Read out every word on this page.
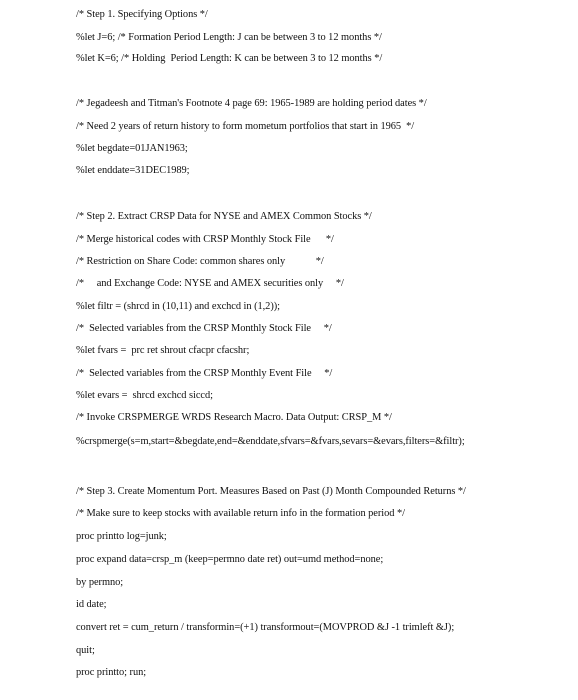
/* Step 1. Specifying Options */
%let J=6; /* Formation Period Length: J can be between 3 to 12 months */
%let K=6; /* Holding  Period Length: K can be between 3 to 12 months */
/* Jegadeesh and Titman's Footnote 4 page 69: 1965-1989 are holding period dates */
/* Need 2 years of return history to form mometum portfolios that start in 1965  */
%let begdate=01JAN1963;
%let enddate=31DEC1989;
/* Step 2. Extract CRSP Data for NYSE and AMEX Common Stocks */
/* Merge historical codes with CRSP Monthly Stock File      */
/* Restriction on Share Code: common shares only            */
/*     and Exchange Code: NYSE and AMEX securities only     */
%let filtr = (shrcd in (10,11) and exchcd in (1,2));
/*  Selected variables from the CRSP Monthly Stock File     */
%let fvars =  prc ret shrout cfacpr cfacshr;
/*  Selected variables from the CRSP Monthly Event File     */
%let evars =  shrcd exchcd siccd;
/* Invoke CRSPMERGE WRDS Research Macro. Data Output: CRSP_M */
%crspmerge(s=m,start=&begdate,end=&enddate,sfvars=&fvars,sevars=&evars,filters=&filtr);
/* Step 3. Create Momentum Port. Measures Based on Past (J) Month Compounded Returns */
/* Make sure to keep stocks with available return info in the formation period */
proc printto log=junk;
proc expand data=crsp_m (keep=permno date ret) out=umd method=none;
by permno;
id date;
convert ret = cum_return / transformin=(+1) transformout=(MOVPROD &J -1 trimleft &J);
quit;
proc printto; run;
